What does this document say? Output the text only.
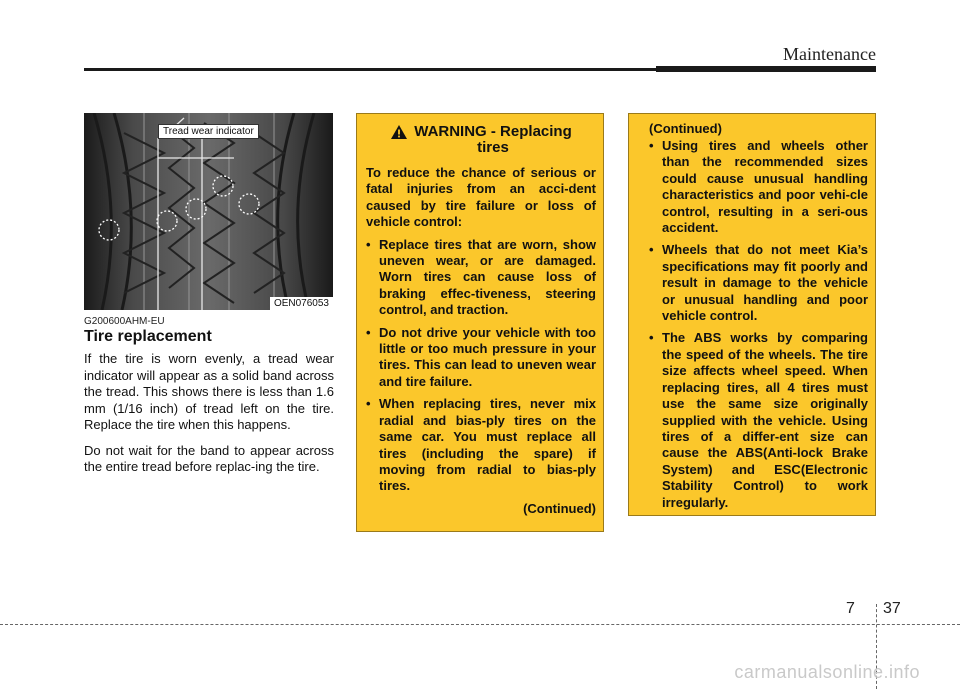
Maintenance
Tread wear indicator
OEN076053
G200600AHM-EU
Tire replacement

If the tire is worn evenly, a tread wear indicator will appear as a solid band across the tread. This shows there is less than 1.6 mm (1/16 inch) of tread left on the tire. Replace the tire when this happens.

Do not wait for the band to appear across the entire tread before replac-ing the tire.

WARNING - Replacing
tires

To reduce the chance of serious or fatal injuries from an acci-dent caused by tire failure or loss of vehicle control:

• Replace tires that are worn, show uneven wear, or are damaged. Worn tires can cause loss of braking effec-tiveness, steering control, and traction.
• Do not drive your vehicle with too little or too much pressure in your tires. This can lead to uneven wear and tire failure.
• When replacing tires, never mix radial and bias-ply tires on the same car. You must replace all tires (including the spare) if moving from radial to bias-ply tires.
(Continued)

(Continued)

• Using tires and wheels other than the recommended sizes could cause unusual handling characteristics and poor vehi-cle control, resulting in a seri-ous accident.
• Wheels that do not meet Kia’s specifications may fit poorly and result in damage to the vehicle or unusual handling and poor vehicle control.
• The ABS works by comparing the speed of the wheels. The tire size affects wheel speed. When replacing tires, all 4 tires must use the same size originally supplied with the vehicle. Using tires of a differ-ent size can cause the ABS(Anti-lock Brake System) and ESC(Electronic Stability Control) to work irregularly.
7 37
carmanualsonline.info
